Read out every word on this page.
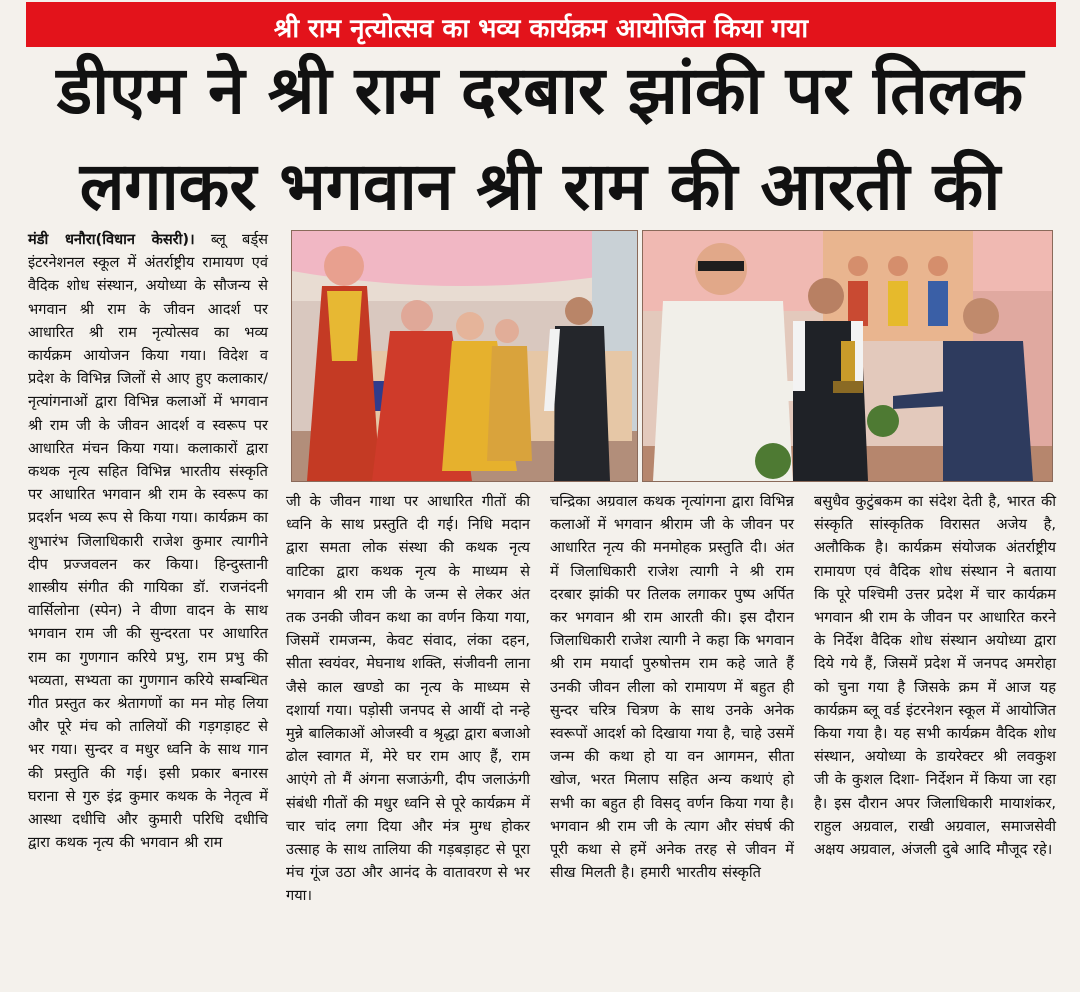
श्री राम नृत्योत्सव का भव्य कार्यक्रम आयोजित किया गया
डीएम ने श्री राम दरबार झांकी पर तिलक
लगाकर भगवान श्री राम की आरती की

मंडी धनौरा(विधान केसरी)। ब्लू बर्ड्स इंटरनेशनल स्कूल में अंतर्राष्ट्रीय रामायण एवं वैदिक शोध संस्थान, अयोध्या के सौजन्य से भगवान श्री राम के जीवन आदर्श पर आधारित श्री राम नृत्योत्सव का भव्य कार्यक्रम आयोजन किया गया। विदेश व प्रदेश के विभिन्न जिलों से आए हुए कलाकार/ नृत्यांगनाओं द्वारा विभिन्न कलाओं में भगवान श्री राम जी के जीवन आदर्श व स्वरूप पर आधारित मंचन किया गया। कलाकारों द्वारा कथक नृत्य सहित विभिन्न भारतीय संस्कृति पर आधारित भगवान श्री राम के स्वरूप का प्रदर्शन भव्य रूप से किया गया। कार्यक्रम का शुभारंभ जिलाधिकारी राजेश कुमार त्यागीने दीप प्रज्जवलन कर किया। हिन्दुस्तानी शास्त्रीय संगीत की गायिका डॉ. राजनंदनी वार्सिलोना (स्पेन) ने वीणा वादन के साथ भगवान राम जी की सुन्दरता पर आधारित राम का गुणगान करिये प्रभु, राम प्रभु की भव्यता, सभ्यता का गुणगान करिये सम्बन्धित गीत प्रस्तुत कर श्रेतागणों का मन मोह लिया और पूरे मंच को तालियों की गड़गड़ाहट से भर गया। सुन्दर व मधुर ध्वनि के साथ गान की प्रस्तुति की गई। इसी प्रकार बनारस घराना से गुरु इंद्र कुमार कथक के नेतृत्व में आस्था दधीचि और कुमारी परिधि दधीचि द्वारा कथक नृत्य की भगवान श्री राम

जी के जीवन गाथा पर आधारित गीतों की ध्वनि के साथ प्रस्तुति दी गई। निधि मदान द्वारा समता लोक संस्था की कथक नृत्य वाटिका द्वारा कथक नृत्य के माध्यम से भगवान श्री राम जी के जन्म से लेकर अंत तक उनकी जीवन कथा का वर्णन किया गया, जिसमें रामजन्म, केवट संवाद, लंका दहन, सीता स्वयंवर, मेघनाथ शक्ति, संजीवनी लाना जैसे काल खण्डो का नृत्य के माध्यम से दशार्या गया। पड़ोसी जनपद से आयीं दो नन्हे मुन्ने बालिकाओं ओजस्वी व श्रृद्धा द्वारा बजाओ ढोल स्वागत में, मेरे घर राम आए हैं, राम आएंगे तो मैं अंगना सजाऊंगी, दीप जलाऊंगी संबंधी गीतों की मधुर ध्वनि से पूरे कार्यक्रम में चार चांद लगा दिया और मंत्र मुग्ध होकर उत्साह के साथ तालिया की गड़बड़ाहट से पूरा मंच गूंज उठा और आनंद के वातावरण से भर गया।

चन्द्रिका अग्रवाल कथक नृत्यांगना द्वारा विभिन्न कलाओं में भगवान श्रीराम जी के जीवन पर आधारित नृत्य की मनमोहक प्रस्तुति दी। अंत में जिलाधिकारी राजेश त्यागी ने श्री राम दरबार झांकी पर तिलक लगाकर पुष्प अर्पित कर भगवान श्री राम आरती की। इस दौरान जिलाधिकारी राजेश त्यागी ने कहा कि भगवान श्री राम मयार्दा पुरुषोत्तम राम कहे जाते हैं उनकी जीवन लीला को रामायण में बहुत ही सुन्दर चरित्र चित्रण के साथ उनके अनेक स्वरूपों आदर्श को दिखाया गया है, चाहे उसमें जन्म की कथा हो या वन आगमन, सीता खोज, भरत मिलाप सहित अन्य कथाएं हो सभी का बहुत ही विसद् वर्णन किया गया है। भगवान श्री राम जी के त्याग और संघर्ष की पूरी कथा से हमें अनेक तरह से जीवन में सीख मिलती है। हमारी भारतीय संस्कृति

बसुधैव कुटुंबकम का संदेश देती है, भारत की संस्कृति सांस्कृतिक विरासत अजेय है, अलौकिक है। कार्यक्रम संयोजक अंतर्राष्ट्रीय रामायण एवं वैदिक शोध संस्थान ने बताया कि पूरे पश्चिमी उत्तर प्रदेश में चार कार्यक्रम भगवान श्री राम के जीवन पर आधारित करने के निर्देश वैदिक शोध संस्थान अयोध्या द्वारा दिये गये हैं, जिसमें प्रदेश में जनपद अमरोहा को चुना गया है जिसके क्रम में आज यह कार्यक्रम ब्लू वर्ड इंटरनेशन स्कूल में आयोजित किया गया है। यह सभी कार्यक्रम वैदिक शोध संस्थान, अयोध्या के डायरेक्टर श्री लवकुश जी के कुशल दिशा- निर्देशन में किया जा रहा है। इस दौरान अपर जिलाधिकारी मायाशंकर, राहुल अग्रवाल, राखी अग्रवाल, समाजसेवी अक्षय अग्रवाल, अंजली दुबे आदि मौजूद रहे।
